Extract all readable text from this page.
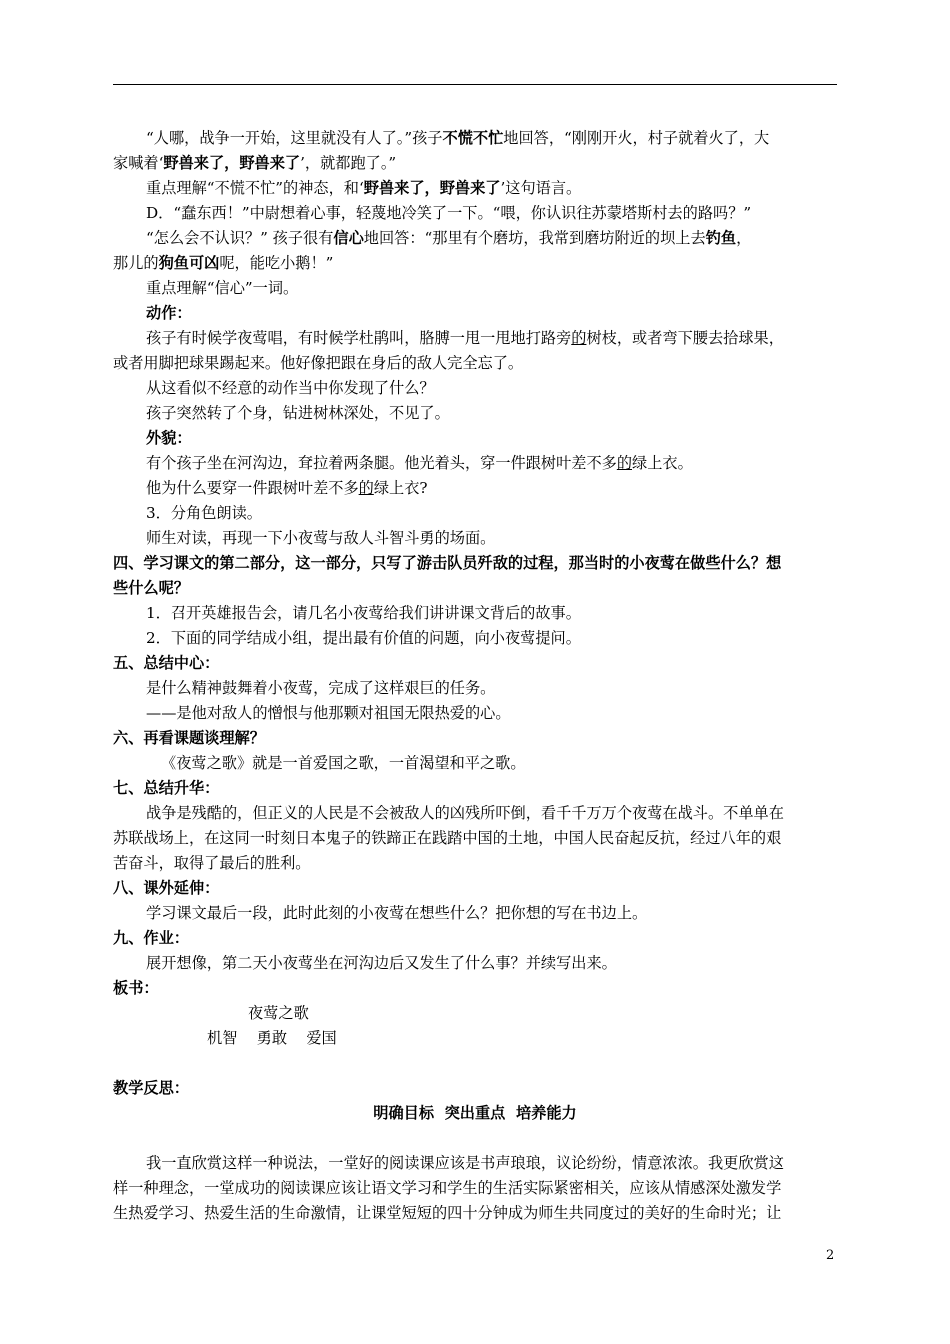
“人哪，战争一开始，这里就没有人了。”孩子不慌不忙地回答，“刚刚开火，村子就着火了，大
家喊着‘野兽来了，野兽来了’，就都跑了。”
重点理解“不慌不忙”的神态，和‘野兽来了，野兽来了’这句语言。
D．“蠢东西！”中尉想着心事，轻蔑地冷笑了一下。“喂，你认识往苏蒙塔斯村去的路吗？”
“怎么会不认识？” 孩子很有信心地回答：“那里有个磨坊，我常到磨坊附近的坝上去钓鱼，
那儿的狗鱼可凶呢，能吃小鹅！”
重点理解“信心”一词。
动作：
孩子有时候学夜莺唱，有时候学杜鹃叫，胳膊一甩一甩地打路旁的树枝，或者弯下腰去拾球果，
或者用脚把球果踢起来。他好像把跟在身后的敌人完全忘了。
从这看似不经意的动作当中你发现了什么？
孩子突然转了个身，钻进树林深处，不见了。
外貌：
有个孩子坐在河沟边，耷拉着两条腿。他光着头，穿一件跟树叶差不多的绿上衣。
他为什么要穿一件跟树叶差不多的绿上衣?
3．分角色朗读。
师生对读，再现一下小夜莺与敌人斗智斗勇的场面。
四、学习课文的第二部分，这一部分，只写了游击队员歼敌的过程，那当时的小夜莺在做些什么？想
些什么呢？
1．召开英雄报告会，请几名小夜莺给我们讲讲课文背后的故事。
2．下面的同学结成小组，提出最有价值的问题，向小夜莺提问。
五、总结中心：
是什么精神鼓舞着小夜莺，完成了这样艰巨的任务。
——是他对敌人的憎恨与他那颗对祖国无限热爱的心。
六、再看课题谈理解？
《夜莺之歌》就是一首爱国之歌，一首渴望和平之歌。
七、总结升华：
战争是残酷的，但正义的人民是不会被敌人的凶残所吓倒，看千千万万个夜莺在战斗。不单单在
苏联战场上，在这同一时刻日本鬼子的铁蹄正在践踏中国的土地，中国人民奋起反抗，经过八年的艰
苦奋斗，取得了最后的胜利。
八、课外延伸：
学习课文最后一段，此时此刻的小夜莺在想些什么？把你想的写在书边上。
九、作业：
展开想像，第二天小夜莺坐在河沟边后又发生了什么事？并续写出来。
板书：
夜莺之歌
机智    勇敢    爱国
教学反思：
明确目标  突出重点  培养能力
我一直欣赏这样一种说法，一堂好的阅读课应该是书声琅琅，议论纷纷，情意浓浓。我更欣赏这
样一种理念，一堂成功的阅读课应该让语文学习和学生的生活实际紧密相关，应该从情感深处激发学
生热爱学习、热爱生活的生命激情，让课堂短短的四十分钟成为师生共同度过的美好的生命时光；让
2
